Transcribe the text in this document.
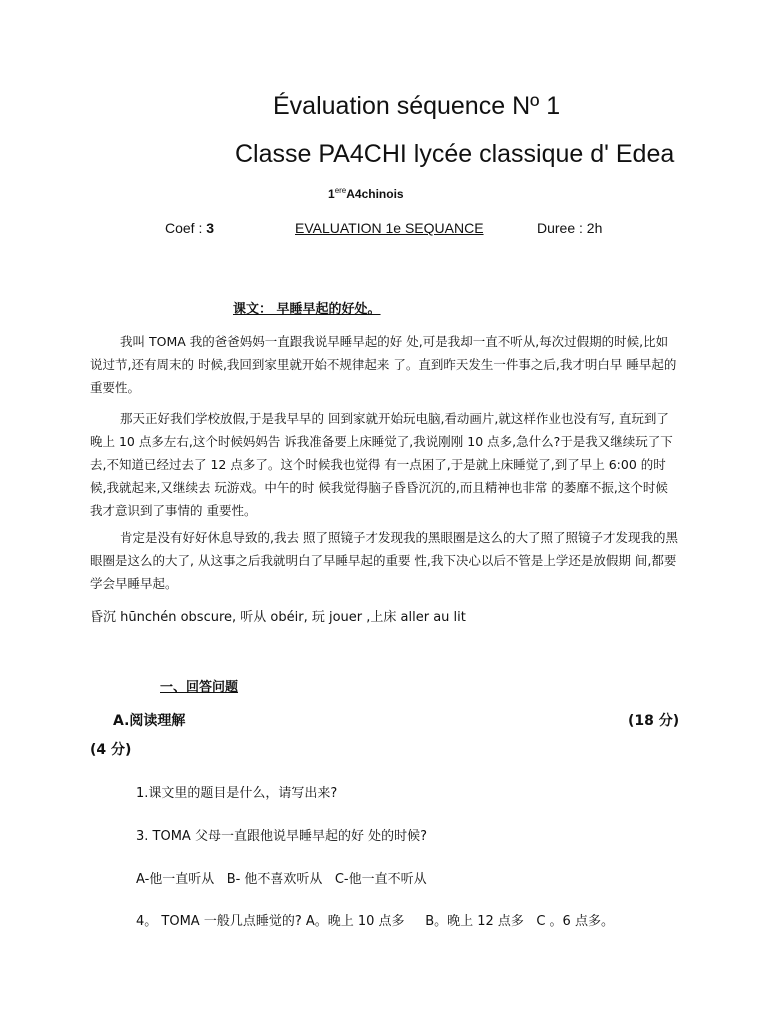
Évaluation séquence Nº 1
Classe PA4CHI lycée classique d' Edea
1ereA4chinois
Coef : 3	EVALUATION 1e SEQUANCE	Duree : 2h
课文： 早睡早起的好处。
我叫 TOMA 我的爸爸妈妈一直跟我说早睡早起的好 处,可是我却一直不听从,每次过假期的时候,比如说过节,还有周末的 时候,我回到家里就开始不规律起来 了。直到昨天发生一件事之后,我才明白早 睡早起的重要性。
那天正好我们学校放假,于是我早早的 回到家就开始玩电脑,看动画片,就这样作业也没有写, 直玩到了晚上 10 点多左右,这个时候妈妈告 诉我准备要上床睡觉了,我说刚刚 10 点多,急什么?于是我又继续玩了下去,不知道已经过去了 12 点多了。这个时候我也觉得 有一点困了,于是就上床睡觉了,到了早上 6:00 的时候,我就起来,又继续去 玩游戏。中午的时 候我觉得脑子昏昏沉沉的,而且精神也非常 的萎靡不振,这个时候我才意识到了事情的 重要性。
肯定是没有好好休息导致的,我去 照了照镜子才发现我的黑眼圈是这么的大了照了照镜子才发现我的黑眼圈是这么的大了, 从这事之后我就明白了早睡早起的重要 性,我下决心以后不管是上学还是放假期 间,都要学会早睡早起。
昏沉 hūnchén obscure, 听从 obéir, 玩 jouer ,上床 aller au lit
一、回答问题
A.阅读理解	(18 分)
(4 分)
1.课文里的题目是什么，请写出来?
3. TOMA 父母一直跟他说早睡早起的好 处的时候?
A-他一直听从   B- 他不喜欢听从   C-他一直不听从
4。 TOMA 一般几点睡觉的? A。晚上 10 点多     B。晚上 12 点多   C 。6 点多。
